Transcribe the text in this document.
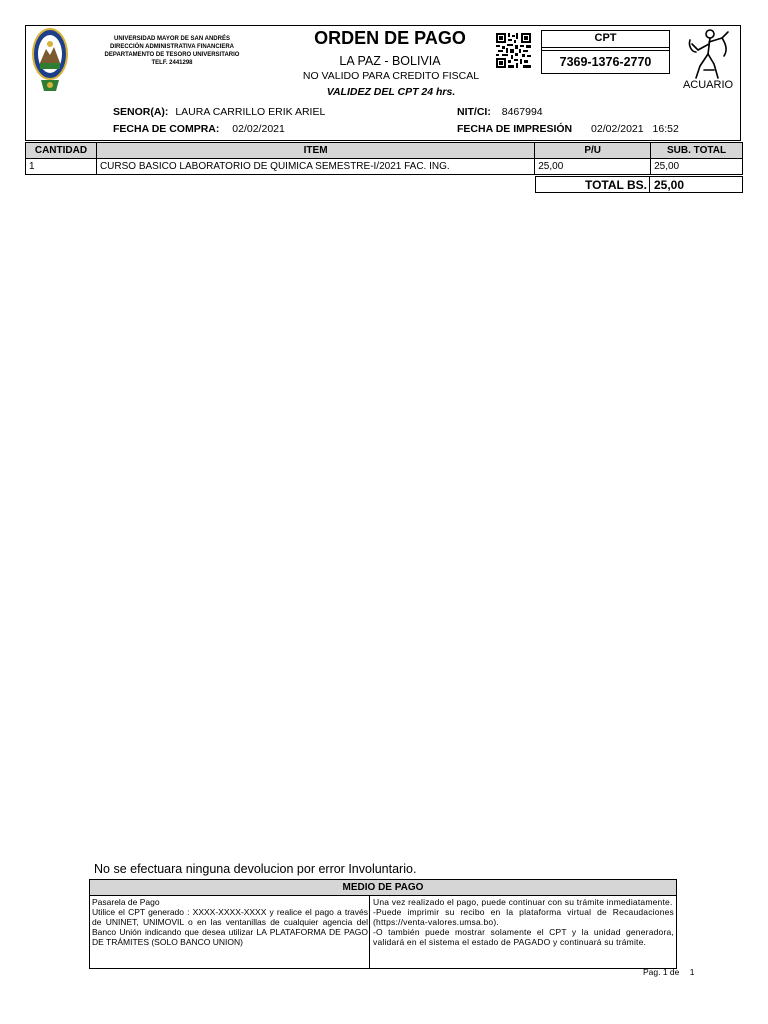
UNIVERSIDAD MAYOR DE SAN ANDRÉS
DIRECCIÓN ADMINISTRATIVA FINANCIERA
DEPARTAMENTO DE TESORO UNIVERSITARIO
TELF. 2441298
ORDEN DE PAGO
LA PAZ - BOLIVIA
NO VALIDO PARA CREDITO FISCAL
VALIDEZ DEL CPT 24 hrs.
CPT
7369-1376-2770
ACUARIO
SENOR(A): LAURA CARRILLO ERIK ARIEL	NIT/CI: 8467994
FECHA DE COMPRA: 02/02/2021	FECHA DE IMPRESIÓN 02/02/2021 16:52
CANTIDAD	ITEM	P/U	SUB. TOTAL
1	CURSO BASICO LABORATORIO DE QUIMICA SEMESTRE-I/2021 FAC. ING.	25,00	25,00
TOTAL BS. 25,00
No se efectuara ninguna devolucion por error Involuntario.
MEDIO DE PAGO
Pasarela de Pago
Utilice el CPT generado : XXXX-XXXX-XXXX y realice el pago a través de UNINET, UNIMOVIL o en las ventanillas de cualquier agencia del Banco Unión indicando que desea utilizar LA PLATAFORMA DE PAGO DE TRÁMITES (SOLO BANCO UNION)
Una vez realizado el pago, puede continuar con su trámite inmediatamente.
-Puede imprimir su recibo en la plataforma virtual de Recaudaciones (https://venta-valores.umsa.bo).
-O también puede mostrar solamente el CPT y la unidad generadora, validará en el sistema el estado de PAGADO y continuará su trámite.
Pag. 1 de 1
